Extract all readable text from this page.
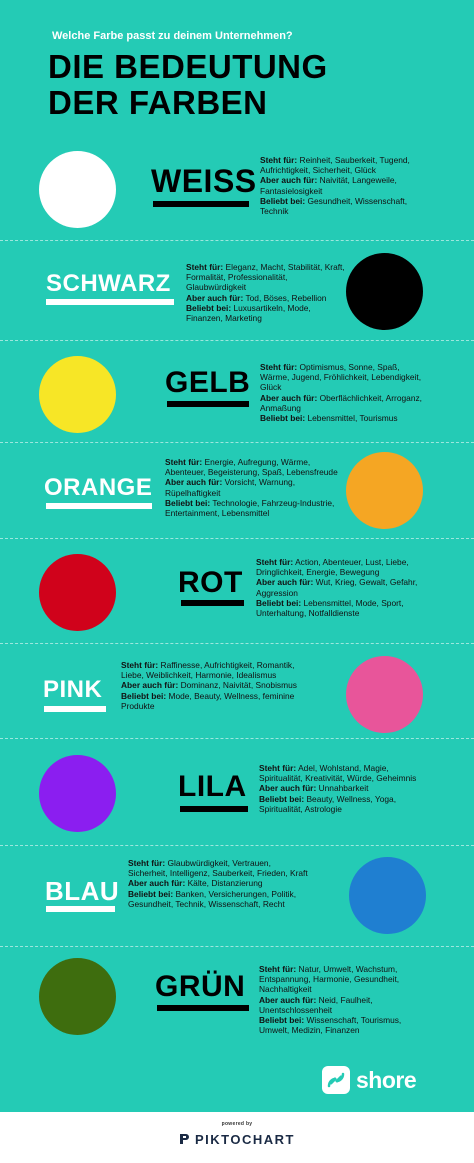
Welche Farbe passt zu deinem Unternehmen?
DIE BEDEUTUNG
DER FARBEN
WEISS
Steht für: Reinheit, Sauberkeit, Tugend, Aufrichtigkeit, Sicherheit, Glück
Aber auch für: Naivität, Langeweile, Fantasielosigkeit
Beliebt bei: Gesundheit, Wissenschaft, Technik
SCHWARZ
Steht für: Eleganz, Macht, Stabilität, Kraft, Formalität, Professionalität, Glaubwürdigkeit
Aber auch für: Tod, Böses, Rebellion
Beliebt bei: Luxusartikeln, Mode, Finanzen, Marketing
GELB Steht für: Optimismus, Sonne, Spaß, Wärme, Jugend, Fröhlichkeit, Lebendigkeit, Glück
Aber auch für: Oberflächlichkeit, Arroganz, Anmaßung
Beliebt bei: Lebensmittel, Tourismus
ORANGE
Steht für: Energie, Aufregung, Wärme, Abenteuer, Begeisterung, Spaß, Lebensfreude
Aber auch für: Vorsicht, Warnung, Rüpelhaftigkeit
Beliebt bei: Technologie, Fahrzeug-Industrie, Entertainment, Lebensmittel
ROT
Steht für: Action, Abenteuer, Lust, Liebe, Dringlichkeit, Energie, Bewegung
Aber auch für: Wut, Krieg, Gewalt, Gefahr, Aggression
Beliebt bei: Lebensmittel, Mode, Sport, Unterhaltung, Notfalldienste
PINK
Steht für: Raffinesse, Aufrichtigkeit, Romantik, Liebe, Weiblichkeit, Harmonie, Idealismus
Aber auch für: Dominanz, Naivität, Snobismus
Beliebt bei: Mode, Beauty, Wellness, feminine Produkte
LILA
Steht für: Adel, Wohlstand, Magie, Spiritualität, Kreativität, Würde, Geheimnis
Aber auch für: Unnahbarkeit
Beliebt bei: Beauty, Wellness, Yoga, Spiritualität, Astrologie
BLAU
Steht für: Glaubwürdigkeit, Vertrauen, Sicherheit, Intelligenz, Sauberkeit, Frieden, Kraft
Aber auch für: Kälte, Distanzierung
Beliebt bei: Banken, Versicherungen, Politik, Gesundheit, Technik, Wissenschaft, Recht
GRÜN
Steht für: Natur, Umwelt, Wachstum, Entspannung, Harmonie, Gesundheit, Nachhaltigkeit
Aber auch für: Neid, Faulheit, Unentschlossenheit
Beliebt bei: Wissenschaft, Tourismus, Umwelt, Medizin, Finanzen
shore
powered by
PIKTOCHART
